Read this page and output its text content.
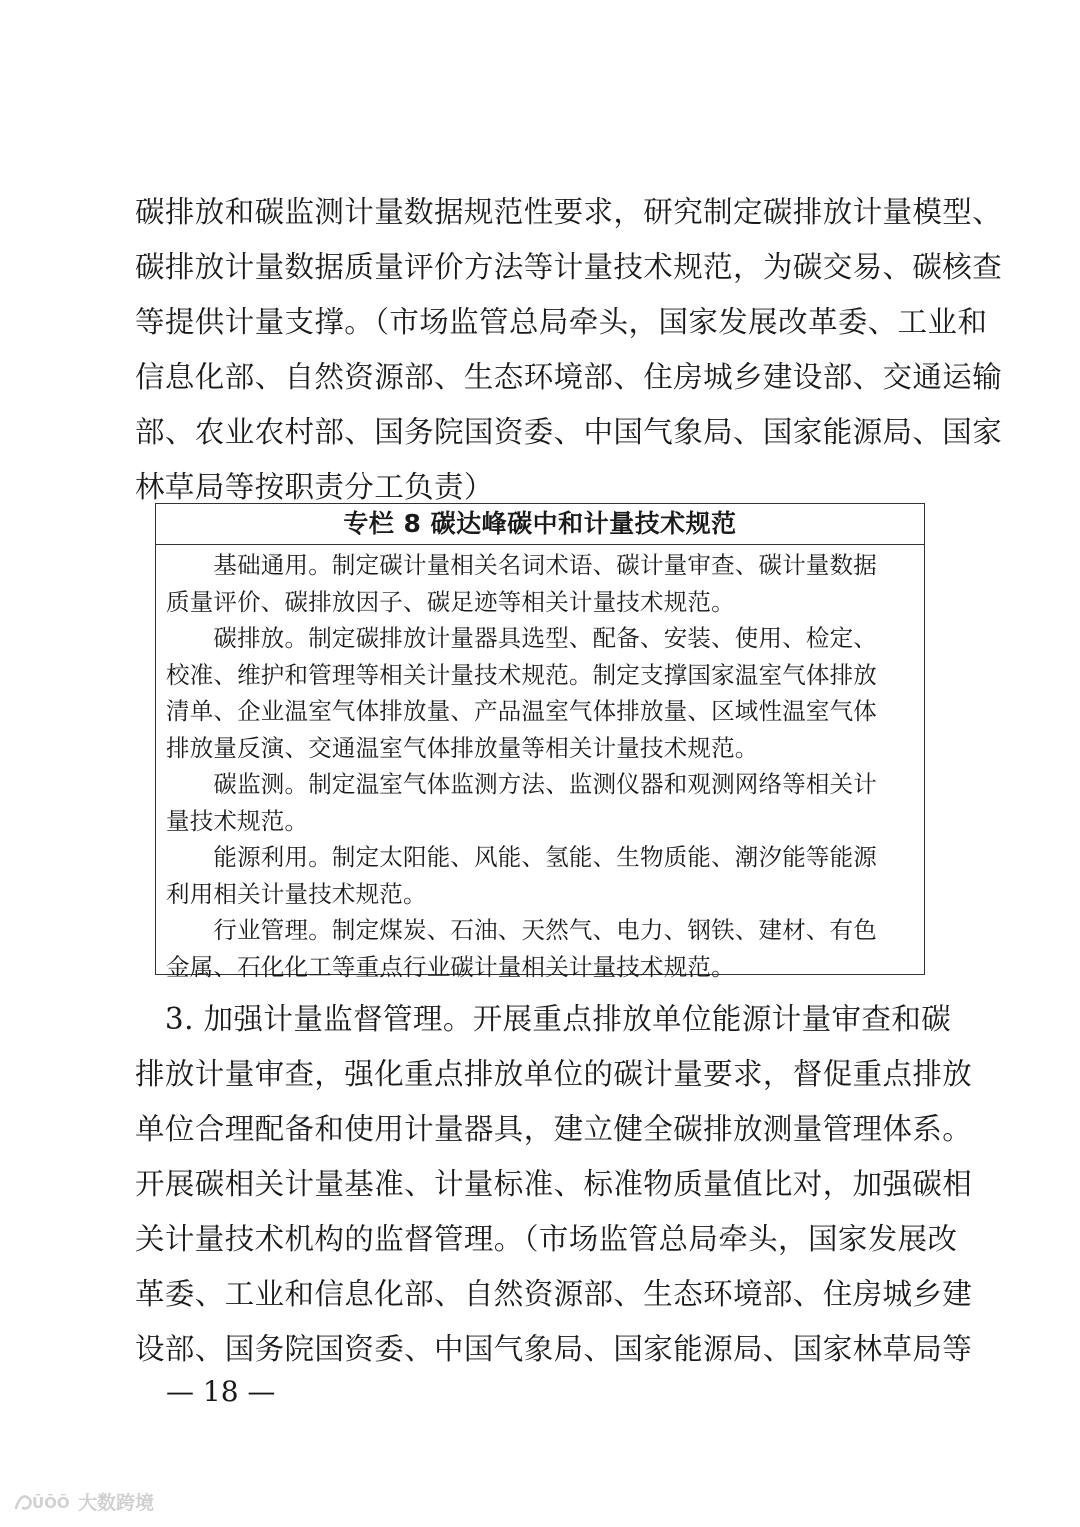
碳排放和碳监测计量数据规范性要求，研究制定碳排放计量模型、
碳排放计量数据质量评价方法等计量技术规范，为碳交易、碳核查
等提供计量支撑。（市场监管总局牵头，国家发展改革委、工业和
信息化部、自然资源部、生态环境部、住房城乡建设部、交通运输
部、农业农村部、国务院国资委、中国气象局、国家能源局、国家
林草局等按职责分工负责）
专栏 8 碳达峰碳中和计量技术规范
　　基础通用。制定碳计量相关名词术语、碳计量审查、碳计量数据
质量评价、碳排放因子、碳足迹等相关计量技术规范。
　　碳排放。制定碳排放计量器具选型、配备、安装、使用、检定、
校准、维护和管理等相关计量技术规范。制定支撑国家温室气体排放
清单、企业温室气体排放量、产品温室气体排放量、区域性温室气体
排放量反演、交通温室气体排放量等相关计量技术规范。
　　碳监测。制定温室气体监测方法、监测仪器和观测网络等相关计
量技术规范。
　　能源利用。制定太阳能、风能、氢能、生物质能、潮汐能等能源
利用相关计量技术规范。
　　行业管理。制定煤炭、石油、天然气、电力、钢铁、建材、有色
金属、石化化工等重点行业碳计量相关计量技术规范。
　3. 加强计量监督管理。开展重点排放单位能源计量审查和碳
排放计量审查，强化重点排放单位的碳计量要求，督促重点排放
单位合理配备和使用计量器具，建立健全碳排放测量管理体系。
开展碳相关计量基准、计量标准、标准物质量值比对，加强碳相
关计量技术机构的监督管理。（市场监管总局牵头，国家发展改
革委、工业和信息化部、自然资源部、生态环境部、住房城乡建
设部、国务院国资委、中国气象局、国家能源局、国家林草局等
— 18 —
ŪŌŌ 大数跨境
